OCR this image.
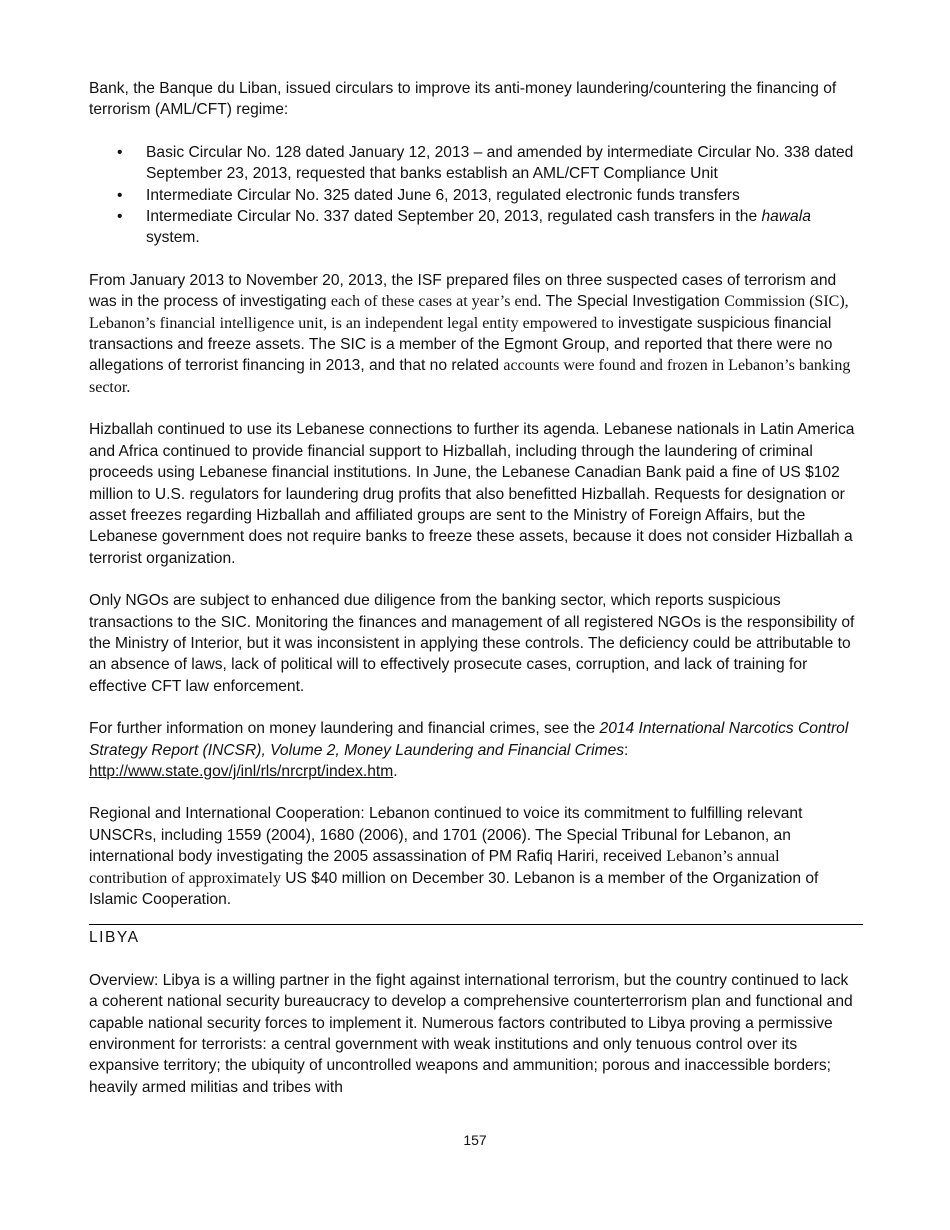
Bank, the Banque du Liban, issued circulars to improve its anti-money laundering/countering the financing of terrorism (AML/CFT) regime:

• Basic Circular No. 128 dated January 12, 2013 – and amended by intermediate Circular No. 338 dated September 23, 2013, requested that banks establish an AML/CFT Compliance Unit
• Intermediate Circular No. 325 dated June 6, 2013, regulated electronic funds transfers
• Intermediate Circular No. 337 dated September 20, 2013, regulated cash transfers in the hawala system.

From January 2013 to November 20, 2013, the ISF prepared files on three suspected cases of terrorism and was in the process of investigating each of these cases at year’s end. The Special Investigation Commission (SIC), Lebanon’s financial intelligence unit, is an independent legal entity empowered to investigate suspicious financial transactions and freeze assets. The SIC is a member of the Egmont Group, and reported that there were no allegations of terrorist financing in 2013, and that no related accounts were found and frozen in Lebanon’s banking sector.

Hizballah continued to use its Lebanese connections to further its agenda. Lebanese nationals in Latin America and Africa continued to provide financial support to Hizballah, including through the laundering of criminal proceeds using Lebanese financial institutions. In June, the Lebanese Canadian Bank paid a fine of US $102 million to U.S. regulators for laundering drug profits that also benefitted Hizballah. Requests for designation or asset freezes regarding Hizballah and affiliated groups are sent to the Ministry of Foreign Affairs, but the Lebanese government does not require banks to freeze these assets, because it does not consider Hizballah a terrorist organization.

Only NGOs are subject to enhanced due diligence from the banking sector, which reports suspicious transactions to the SIC. Monitoring the finances and management of all registered NGOs is the responsibility of the Ministry of Interior, but it was inconsistent in applying these controls. The deficiency could be attributable to an absence of laws, lack of political will to effectively prosecute cases, corruption, and lack of training for effective CFT law enforcement.

For further information on money laundering and financial crimes, see the 2014 International Narcotics Control Strategy Report (INCSR), Volume 2, Money Laundering and Financial Crimes: http://www.state.gov/j/inl/rls/nrcrpt/index.htm.

Regional and International Cooperation: Lebanon continued to voice its commitment to fulfilling relevant UNSCRs, including 1559 (2004), 1680 (2006), and 1701 (2006). The Special Tribunal for Lebanon, an international body investigating the 2005 assassination of PM Rafiq Hariri, received Lebanon’s annual contribution of approximately US $40 million on December 30. Lebanon is a member of the Organization of Islamic Cooperation.

LIBYA

Overview: Libya is a willing partner in the fight against international terrorism, but the country continued to lack a coherent national security bureaucracy to develop a comprehensive counterterrorism plan and functional and capable national security forces to implement it. Numerous factors contributed to Libya proving a permissive environment for terrorists: a central government with weak institutions and only tenuous control over its expansive territory; the ubiquity of uncontrolled weapons and ammunition; porous and inaccessible borders; heavily armed militias and tribes with

157
